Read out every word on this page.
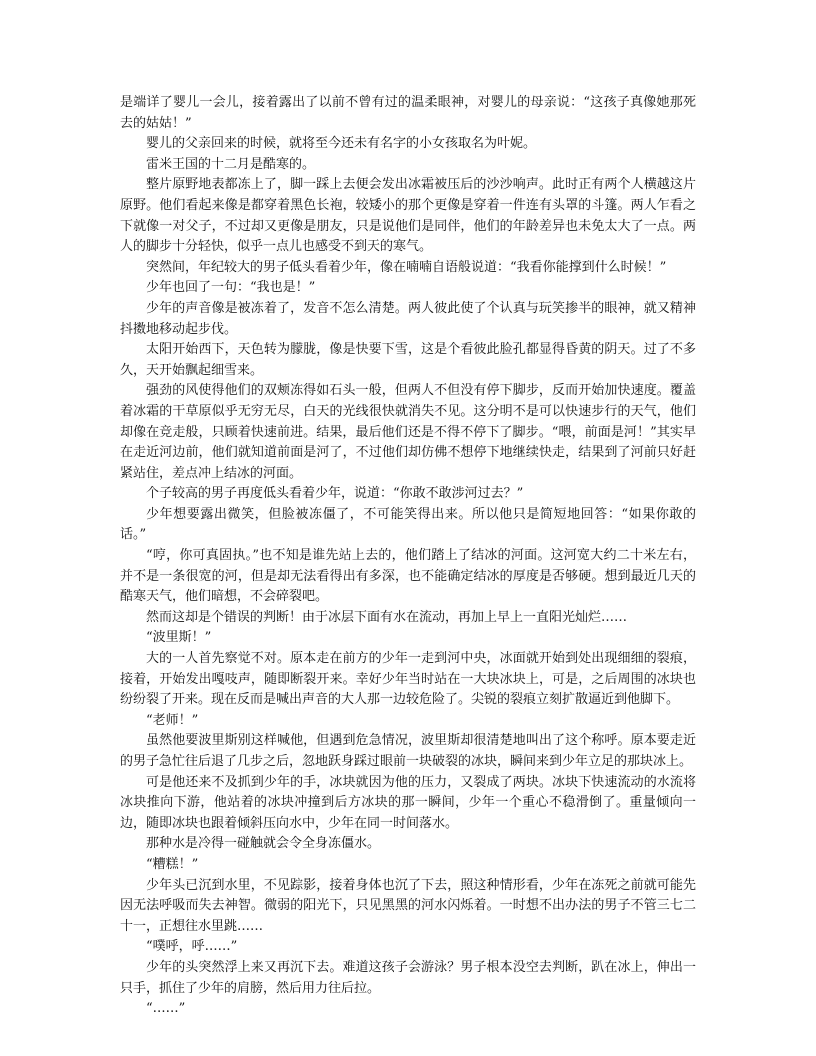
是端详了婴儿一会儿，接着露出了以前不曾有过的温柔眼神，对婴儿的母亲说：“这孩子真像她那死去的姑姑！”

婴儿的父亲回来的时候，就将至今还未有名字的小女孩取名为叶妮。

雷米王国的十二月是酷寒的。

整片原野地表都冻上了，脚一踩上去便会发出冰霜被压后的沙沙响声。此时正有两个人横越这片原野。他们看起来像是都穿着黑色长袍，较矮小的那个更像是穿着一件连有头罩的斗篷。两人乍看之下就像一对父子，不过却又更像是朋友，只是说他们是同伴，他们的年龄差异也未免太大了一点。两人的脚步十分轻快，似乎一点儿也感受不到天的寒气。

突然间，年纪较大的男子低头看着少年，像在喃喃自语般说道：“我看你能撑到什么时候！”

少年也回了一句：“我也是！”

少年的声音像是被冻着了，发音不怎么清楚。两人彼此使了个认真与玩笑掺半的眼神，就又精神抖擞地移动起步伐。

太阳开始西下，天色转为朦胧，像是快要下雪，这是个看彼此脸孔都显得昏黄的阴天。过了不多久，天开始飘起细雪来。

强劲的风使得他们的双颊冻得如石头一般，但两人不但没有停下脚步，反而开始加快速度。覆盖着冰霜的干草原似乎无穷无尽，白天的光线很快就消失不见。这分明不是可以快速步行的天气，他们却像在竞走般，只顾着快速前进。结果，最后他们还是不得不停下了脚步。“喂，前面是河！”其实早在走近河边前，他们就知道前面是河了，不过他们却仿佛不想停下地继续快走，结果到了河前只好赶紧站住，差点冲上结冰的河面。

个子较高的男子再度低头看着少年，说道：“你敢不敢涉河过去？”

少年想要露出微笑，但脸被冻僵了，不可能笑得出来。所以他只是简短地回答：“如果你敢的话。”

“哼，你可真固执。”也不知是谁先站上去的，他们踏上了结冰的河面。这河宽大约二十米左右，并不是一条很宽的河，但是却无法看得出有多深，也不能确定结冰的厚度是否够硬。想到最近几天的酷寒天气，他们暗想，不会碎裂吧。

然而这却是个错误的判断！由于冰层下面有水在流动，再加上早上一直阳光灿烂……

“波里斯！”

大的一人首先察觉不对。原本走在前方的少年一走到河中央，冰面就开始到处出现细细的裂痕，接着，开始发出嘎吱声，随即断裂开来。幸好少年当时站在一大块冰块上，可是，之后周围的冰块也纷纷裂了开来。现在反而是喊出声音的大人那一边较危险了。尖锐的裂痕立刻扩散逼近到他脚下。

“老师！”

虽然他要波里斯别这样喊他，但遇到危急情况，波里斯却很清楚地叫出了这个称呼。原本要走近的男子急忙往后退了几步之后，忽地跃身踩过眼前一块破裂的冰块，瞬间来到少年立足的那块冰上。

可是他还来不及抓到少年的手，冰块就因为他的压力，又裂成了两块。冰块下快速流动的水流将冰块推向下游，他站着的冰块冲撞到后方冰块的那一瞬间，少年一个重心不稳滑倒了。重量倾向一边，随即冰块也跟着倾斜压向水中，少年在同一时间落水。

那种水是冷得一碰触就会令全身冻僵水。

“糟糕！”

少年头已沉到水里，不见踪影，接着身体也沉了下去，照这种情形看，少年在冻死之前就可能先因无法呼吸而失去神智。微弱的阳光下，只见黑黑的河水闪烁着。一时想不出办法的男子不管三七二十一，正想往水里跳……

“噗呼，呼……”

少年的头突然浮上来又再沉下去。难道这孩子会游泳？男子根本没空去判断，趴在冰上，伸出一只手，抓住了少年的肩膀，然后用力往后拉。

“……”
